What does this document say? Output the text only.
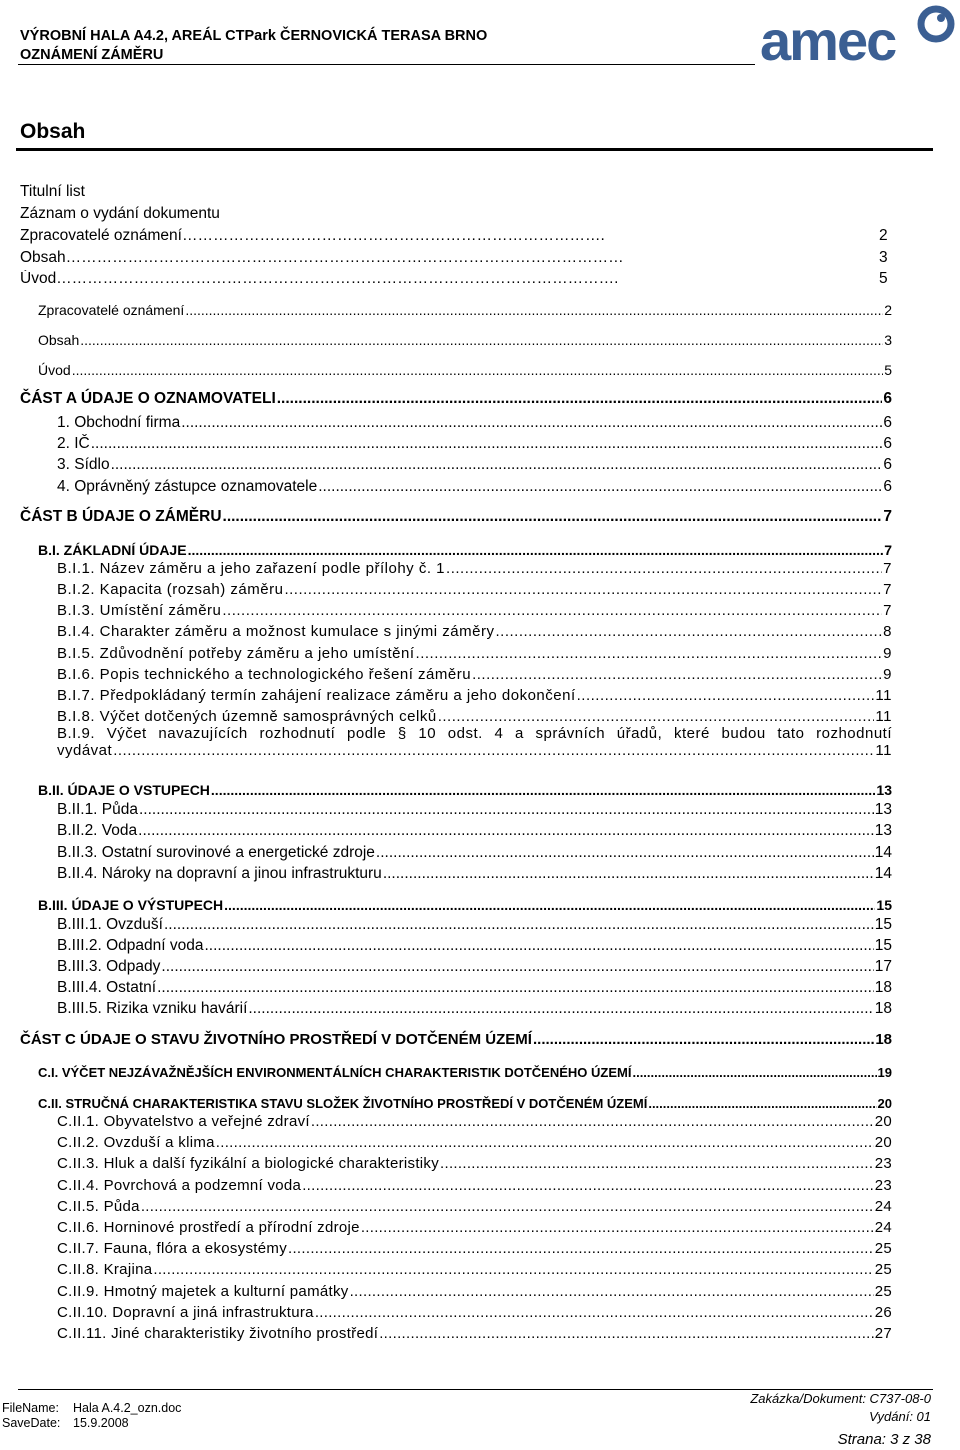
VÝROBNÍ HALA A4.2, AREÁL CTPark ČERNOVICKÁ TERASA BRNO
OZNÁMENÍ ZÁMĚRU	amec
Obsah
Titulní list
Záznam o vydání dokumentu
Zpracovatelé oznámení……………………………………………………………………….	2
Obsah………………………………………………………………………………………………	3
Úvod……………………………………………………………………………………………….	5
Zpracovatelé oznámení .....	2
Obsah .....	3
Úvod .....	5
ČÁST A ÚDAJE O OZNAMOVATELI .....	6
1. Obchodní firma .....	6
2. IČ .....	6
3. Sídlo .....	6
4. Oprávněný zástupce oznamovatele .....	6
ČÁST B ÚDAJE O ZÁMĚRU .....	7
B.I. ZÁKLADNÍ ÚDAJE .....	7
B.I.1. Název záměru a jeho zařazení podle přílohy č. 1 .....	7
B.I.2. Kapacita (rozsah) záměru .....	7
B.I.3. Umístění záměru .....	7
B.I.4. Charakter záměru a možnost kumulace s jinými záměry .....	8
B.I.5. Zdůvodnění potřeby záměru a jeho umístění .....	9
B.I.6. Popis technického a technologického řešení záměru .....	9
B.I.7. Předpokládaný termín zahájení realizace záměru a jeho dokončení .....	11
B.I.8. Výčet dotčených územně samosprávných celků .....	11
B.I.9. Výčet navazujících rozhodnutí podle § 10 odst. 4 a správních úřadů, které budou tato rozhodnutí
vydávat .....	11
B.II. ÚDAJE O VSTUPECH .....	13
B.II.1. Půda .....	13
B.II.2. Voda .....	13
B.II.3. Ostatní surovinové a energetické zdroje .....	14
B.II.4. Nároky na dopravní a jinou infrastrukturu .....	14
B.III. ÚDAJE O VÝSTUPECH .....	15
B.III.1. Ovzduší .....	15
B.III.2. Odpadní voda .....	15
B.III.3. Odpady .....	17
B.III.4. Ostatní .....	18
B.III.5. Rizika vzniku havárií .....	18
ČÁST C ÚDAJE O STAVU ŽIVOTNÍHO PROSTŘEDÍ V DOTČENÉM ÚZEMÍ .....	18
C.I. VÝČET NEJZÁVAŽNĚJŠÍCH ENVIRONMENTÁLNÍCH CHARAKTERISTIK DOTČENÉHO ÚZEMÍ .....	19
C.II. STRUČNÁ CHARAKTERISTIKA STAVU SLOŽEK ŽIVOTNÍHO PROSTŘEDÍ V DOTČENÉM ÚZEMÍ .....	20
C.II.1. Obyvatelstvo a veřejné zdraví .....	20
C.II.2. Ovzduší a klima .....	20
C.II.3. Hluk a další fyzikální a biologické charakteristiky .....	23
C.II.4. Povrchová a podzemní voda .....	23
C.II.5. Půda .....	24
C.II.6. Horninové prostředí a přírodní zdroje .....	24
C.II.7. Fauna, flóra a ekosystémy .....	25
C.II.8. Krajina .....	25
C.II.9. Hmotný majetek a kulturní památky .....	25
C.II.10. Dopravní a jiná infrastruktura .....	26
C.II.11. Jiné charakteristiky životního prostředí .....	27
FileName: Hala A.4.2_ozn.doc
SaveDate: 15.9.2008
Zakázka/Dokument: C737-08-0
Vydání: 01
Strana: 3 z 38
